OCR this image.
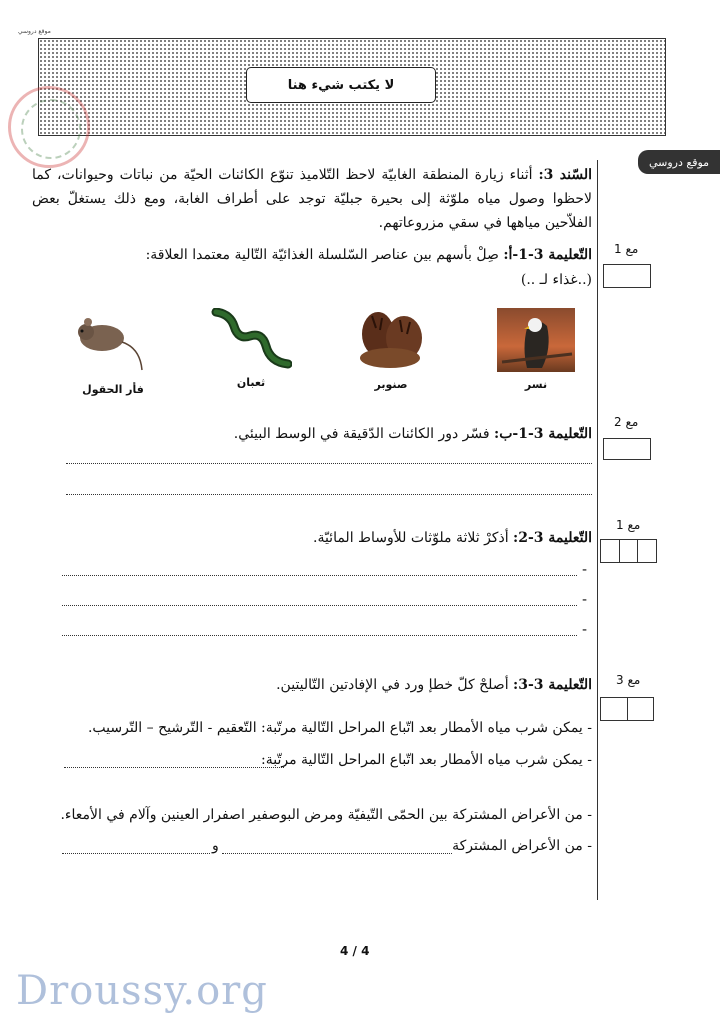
موقع دروسي
لا يكتب شيء هنا
موقع دروسي
السّند 3: أثناء زيارة المنطقة الغابيّة لاحظ التّلاميذ تنوّع الكائنات الحيّة من نباتات وحيوانات، كما لاحظوا وصول مياه ملوّثة إلى بحيرة جبليّة توجد على أطراف الغابة، ومع ذلك يستغلّ بعض الفلاّحين مياهها في سقي مزروعاتهم.
التّعليمة 3-1-أ: صِلْ بأسهم بين عناصر السّلسلة الغذائيّة التّالية معتمدا العلاقة:
(..غذاء لـ ..)
مع 1
نسر
صنوبر
ثعبان
فأر الحقول
التّعليمة 3-1-ب: فسّر دور الكائنات الدّقيقة في الوسط البيئي.
مع 2
التّعليمة 3-2: أذكرْ ثلاثة ملوّثات للأوساط المائيّة.
مع 1
-
-
-
التّعليمة 3-3: أصلحْ كلّ خطإ ورد في الإفادتين التّاليتين.	مع 3
- يمكن شرب مياه الأمطار بعد اتّباع المراحل التّالية مرتّبة: التّعقيم - التّرشيح – التّرسيب.
- يمكن شرب مياه الأمطار بعد اتّباع المراحل التّالية مرتّبة:
- من الأعراض المشتركة بين الحمّى التّيفيّة ومرض البوصفير اصفرار العينين وآلام في الأمعاء.
- من الأعراض المشتركة
و
4 / 4
Droussy.org
